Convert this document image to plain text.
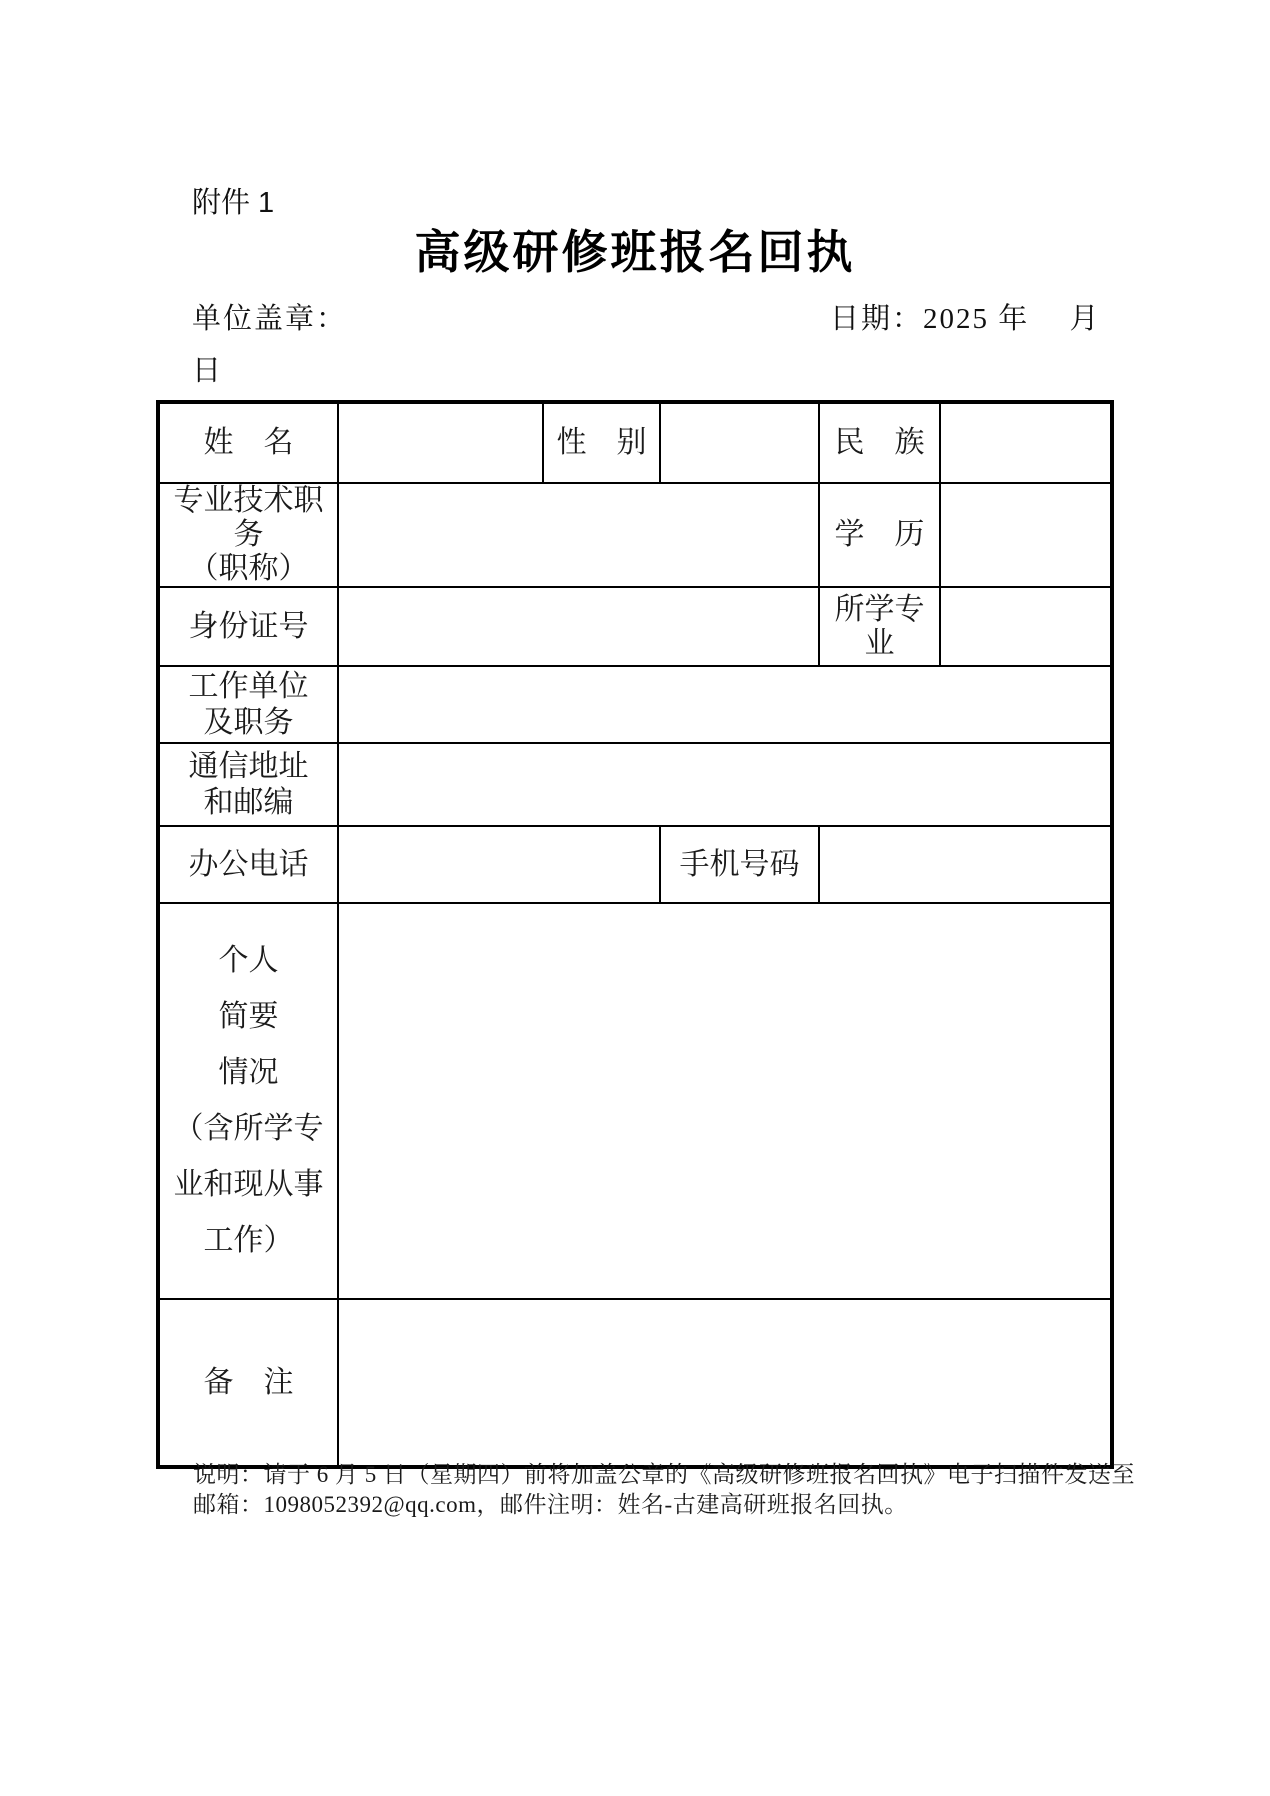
附件 1
高级研修班报名回执
单位盖章：	日期：2025 年　 月
日
姓　名		性　别		民　族	

专业技术职务
（职称）				学　历	
身份证号				所学专业	

工作单位
及职务					

通信地址
和邮编					

办公电话			手机号码		

个人
简要
情况
（含所学专
业和现从事
工作）

备　注					
说明：请于 6 月 5 日（星期四）前将加盖公章的《高级研修班报名回执》电子扫描件发送至
邮箱：1098052392@qq.com，邮件注明：姓名-古建高研班报名回执。
